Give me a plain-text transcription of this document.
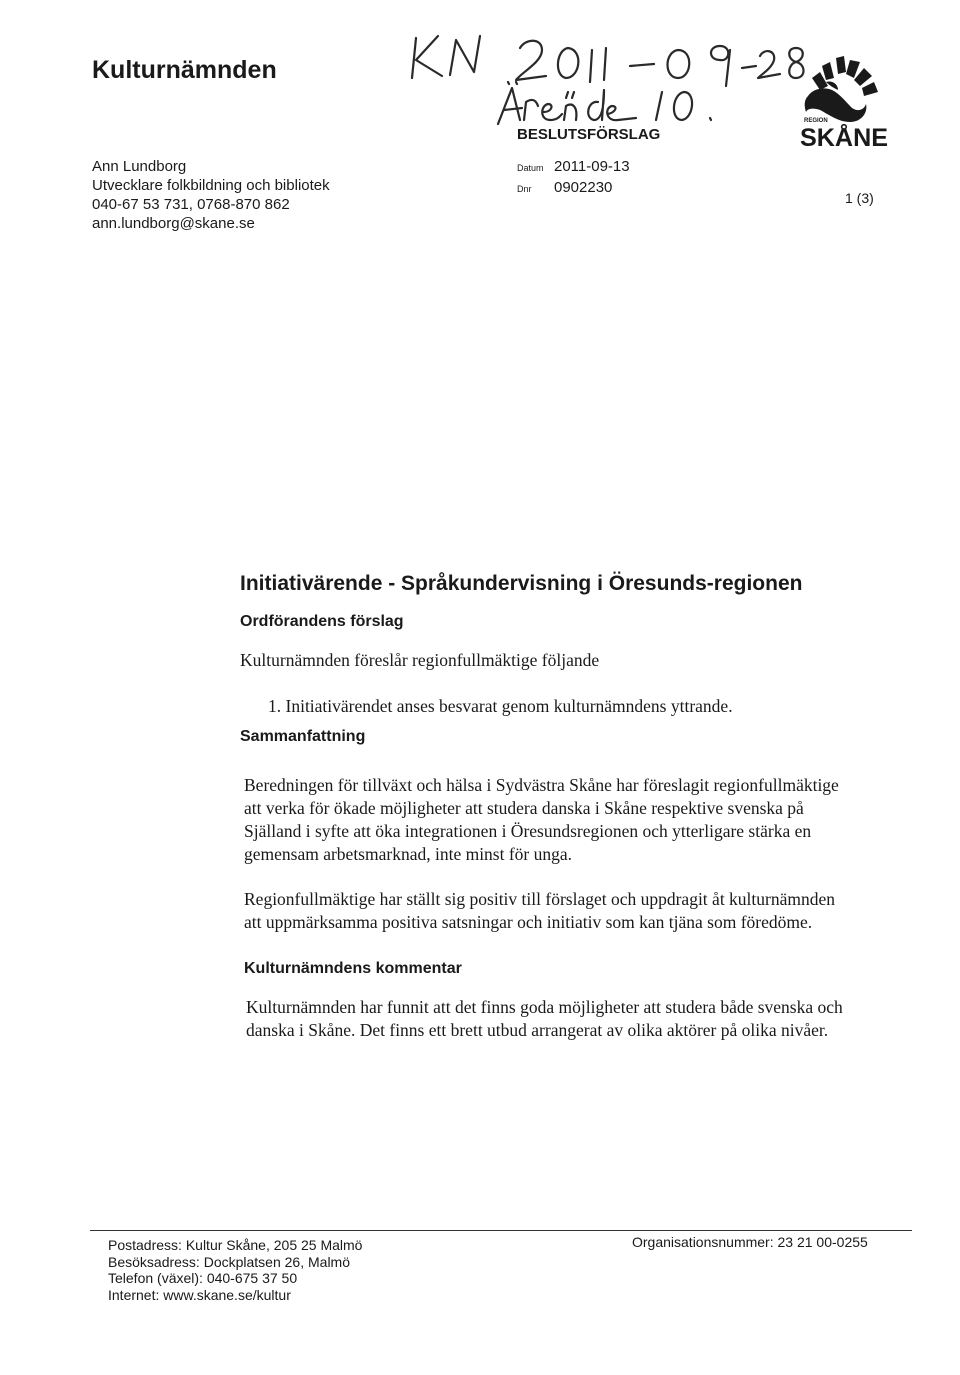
Kulturnämnden
Ann Lundborg
Utvecklare folkbildning och bibliotek
040-67 53 731, 0768-870 862
ann.lundborg@skane.se
BESLUTSFÖRSLAG
Datum 2011-09-13
Dnr	0902230
REGION
SKÅNE
1 (3)
Initiativärende - Språkundervisning i Öresunds-regionen
Ordförandens förslag

Kulturnämnden föreslår regionfullmäktige följande

1. Initiativärendet anses besvarat genom kulturnämndens yttrande.

Sammanfattning

Beredningen för tillväxt och hälsa i Sydvästra Skåne har föreslagit regionfullmäktige att verka för ökade möjligheter att studera danska i Skåne respektive svenska på Själland i syfte att öka integrationen i Öresundsregionen och ytterligare stärka en gemensam arbetsmarknad, inte minst för unga.

Regionfullmäktige har ställt sig positiv till förslaget och uppdragit åt kulturnämnden att uppmärksamma positiva satsningar och initiativ som kan tjäna som föredöme.

Kulturnämndens kommentar

Kulturnämnden har funnit att det finns goda möjligheter att studera både svenska och danska i Skåne. Det finns ett brett utbud arrangerat av olika aktörer på olika nivåer.

Postadress: Kultur Skåne, 205 25 Malmö
Besöksadress: Dockplatsen 26, Malmö
Telefon (växel): 040-675 37 50
Internet: www.skane.se/kultur
Organisationsnummer: 23 21 00-0255
